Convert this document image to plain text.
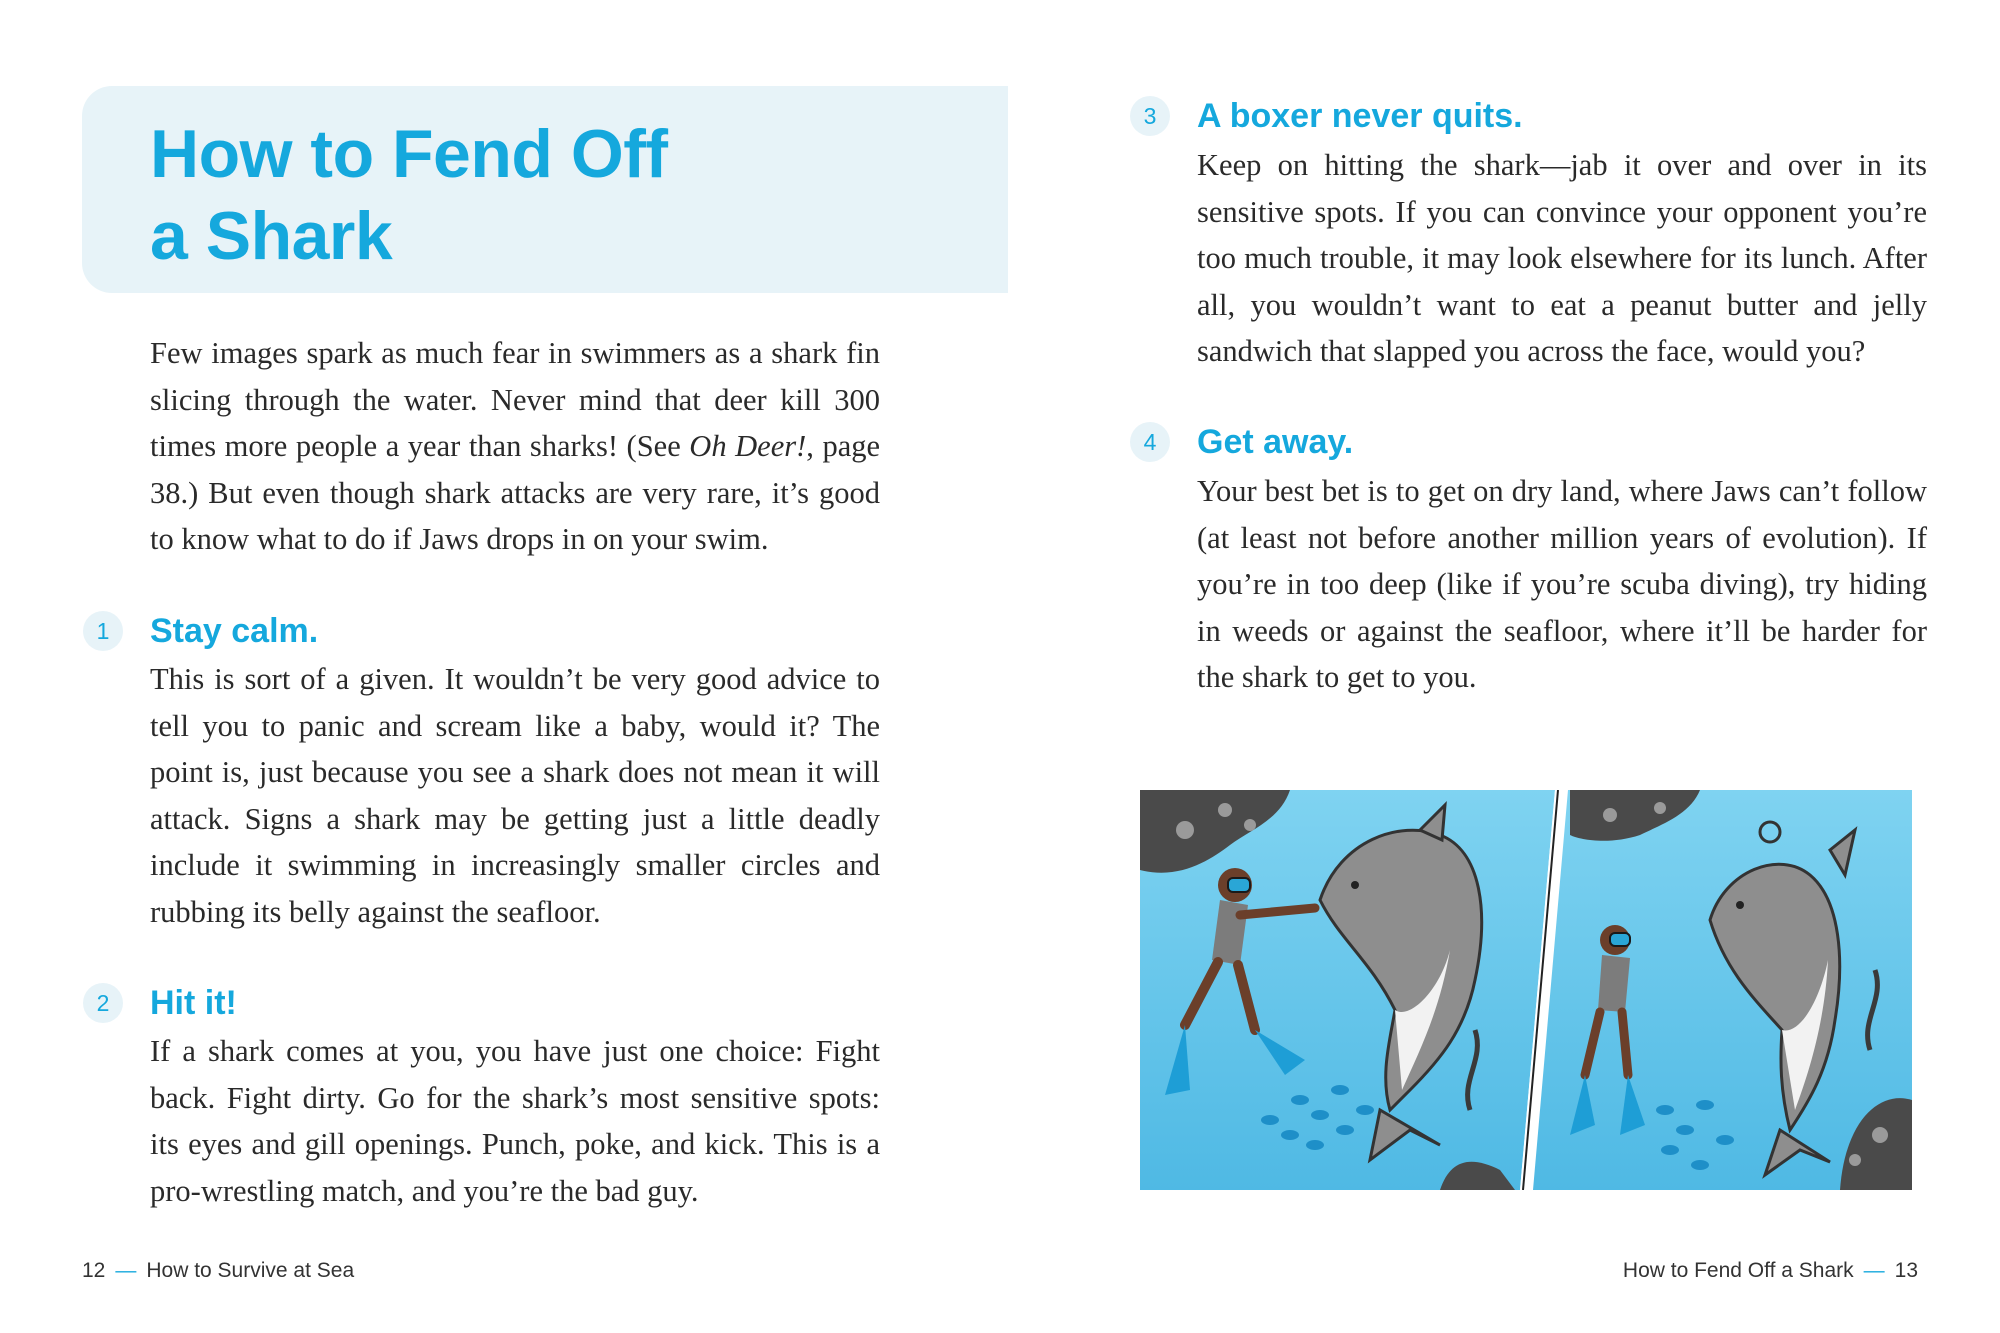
How to Fend Off
a Shark

Few images spark as much fear in swimmers as a shark fin slicing through the water. Never mind that deer kill 300 times more people a year than sharks! (See Oh Deer!, page 38.) But even though shark attacks are very rare, it’s good to know what to do if Jaws drops in on your swim.

1	Stay calm.

This is sort of a given. It wouldn’t be very good advice to tell you to panic and scream like a baby, would it? The point is, just because you see a shark does not mean it will attack. Signs a shark may be getting just a little deadly include it swimming in increasingly smaller circles and rubbing its belly against the seafloor.

2	Hit it!

If a shark comes at you, you have just one choice: Fight back. Fight dirty. Go for the shark’s most sensitive spots: its eyes and gill openings. Punch, poke, and kick. This is a pro-wrestling match, and you’re the bad guy.

12 — How to Survive at Sea
3	A boxer never quits.

Keep on hitting the shark—jab it over and over in its sensitive spots. If you can convince your opponent you’re too much trouble, it may look elsewhere for its lunch. After all, you wouldn’t want to eat a peanut butter and jelly sandwich that slapped you across the face, would you?

4	Get away.

Your best bet is to get on dry land, where Jaws can’t follow (at least not before another million years of evolution). If you’re in too deep (like if you’re scuba diving), try hiding in weeds or against the seafloor, where it’ll be harder for the shark to get to you.

How to Fend Off a Shark — 13
